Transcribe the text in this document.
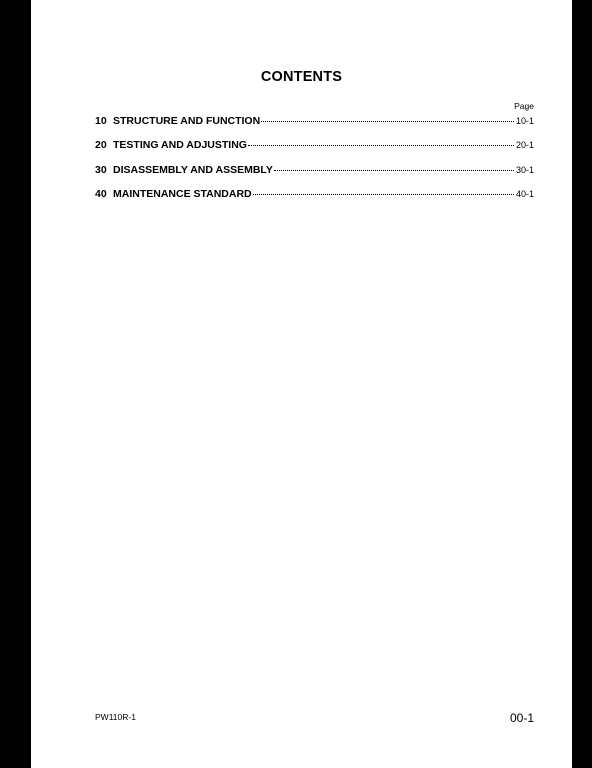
CONTENTS
Page
10 STRUCTURE AND FUNCTION	10-1
20 TESTING AND ADJUSTING	20-1
30 DISASSEMBLY AND ASSEMBLY	30-1
40 MAINTENANCE STANDARD	40-1
PW110R-1	00-1
